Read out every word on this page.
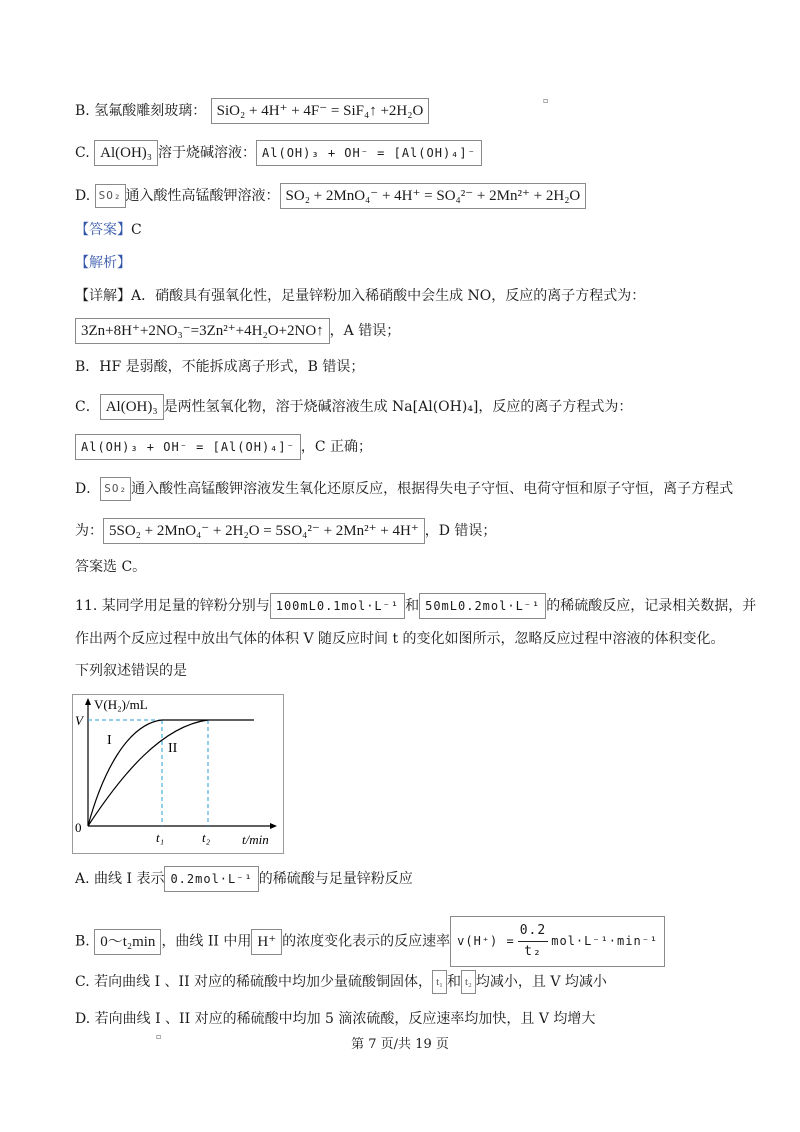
B. 氢氟酸雕刻玻璃： SiO₂ + 4H⁺ + 4F⁻ = SiF₄↑ +2H₂O
▫
C. Al(OH)₃ 溶于烧碱溶液： Al(OH)₃ + OH⁻ = [Al(OH)₄]⁻
D. SO₂ 通入酸性高锰酸钾溶液： SO₂ + 2MnO₄⁻ + 4H⁺ = SO₄²⁻ + 2Mn²⁺ + 2H₂O
【答案】C
【解析】
【详解】A．硝酸具有强氧化性，足量锌粉加入稀硝酸中会生成 NO，反应的离子方程式为：
3Zn+8H⁺+2NO₃⁻=3Zn²⁺+4H₂O+2NO↑ ，A 错误；
B．HF 是弱酸，不能拆成离子形式，B 错误；
C． Al(OH)₃ 是两性氢氧化物，溶于烧碱溶液生成 Na[Al(OH)₄]，反应的离子方程式为：
Al(OH)₃ + OH⁻ = [Al(OH)₄]⁻ ，C 正确；
D． SO₂ 通入酸性高锰酸钾溶液发生氧化还原反应，根据得失电子守恒、电荷守恒和原子守恒，离子方程式
为： 5SO₂ + 2MnO₄⁻ + 2H₂O = 5SO₄²⁻ + 2Mn²⁺ + 4H⁺ ，D 错误；
答案选 C。
11. 某同学用足量的锌粉分别与 100mL0.1mol·L⁻¹ 和 50mL0.2mol·L⁻¹ 的稀硫酸反应，记录相关数据，并
作出两个反应过程中放出气体的体积 V 随反应时间 t 的变化如图所示，忽略反应过程中溶液的体积变化。
下列叙述错误的是
V(H₂)/mL
V
I
II
0
t₁	t₂ t/min
A. 曲线 I 表示 0.2mol·L⁻¹ 的稀硫酸与足量锌粉反应
B. 0～t₂min ，曲线 II 中用 H⁺ 的浓度变化表示的反应速率 $v(H^+) = \frac{0.2}{\text{t₂}} mol\cdot L^{-1}\cdot\min^{-1}$
C. 若向曲线 I 、II 对应的稀硫酸中均加少量硫酸铜固体， t₁ 和 t₂ 均减小，且 V 均减小
D. 若向曲线 I 、II 对应的稀硫酸中均加 5 滴浓硫酸，反应速率均加快，且 V 均增大
▫
第 7 页/共 19 页
